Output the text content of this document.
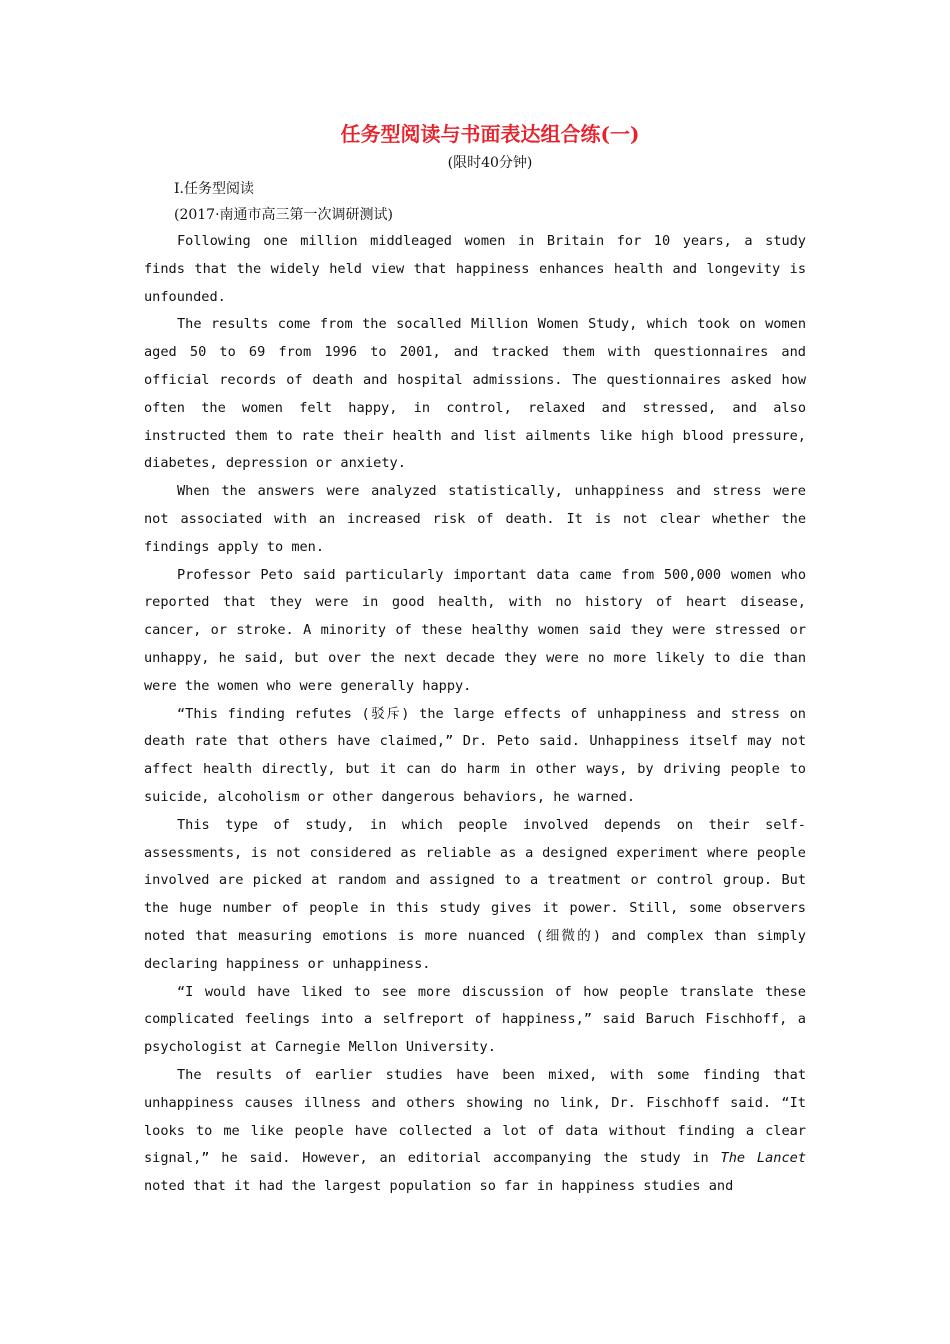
任务型阅读与书面表达组合练(一)

(限时40分钟)

Ⅰ.任务型阅读

(2017·南通市高三第一次调研测试)

Following one million middleaged women in Britain for 10 years, a study finds that the widely held view that happiness enhances health and longevity is unfounded.

The results come from the socalled Million Women Study, which took on women aged 50 to 69 from 1996 to 2001, and tracked them with questionnaires and official records of death and hospital admissions. The questionnaires asked how often the women felt happy, in control, relaxed and stressed, and also instructed them to rate their health and list ailments like high blood pressure, diabetes, depression or anxiety.

When the answers were analyzed statistically, unhappiness and stress were not associated with an increased risk of death. It is not clear whether the findings apply to men.

Professor Peto said particularly important data came from 500,000 women who reported that they were in good health, with no history of heart disease, cancer, or stroke. A minority of these healthy women said they were stressed or unhappy, he said, but over the next decade they were no more likely to die than were the women who were generally happy.

“This finding refutes (驳斥) the large effects of unhappiness and stress on death rate that others have claimed,” Dr. Peto said. Unhappiness itself may not affect health directly, but it can do harm in other ways, by driving people to suicide, alcoholism or other dangerous behaviors, he warned.

This type of study, in which people involved depends on their self-assessments, is not considered as reliable as a designed experiment where people involved are picked at random and assigned to a treatment or control group. But the huge number of people in this study gives it power. Still, some observers noted that measuring emotions is more nuanced (细微的) and complex than simply declaring happiness or unhappiness.

“I would have liked to see more discussion of how people translate these complicated feelings into a selfreport of happiness,” said Baruch Fischhoff, a psychologist at Carnegie Mellon University.

The results of earlier studies have been mixed, with some finding that unhappiness causes illness and others showing no link, Dr. Fischhoff said. “It looks to me like people have collected a lot of data without finding a clear signal,” he said. However, an editorial accompanying the study in The Lancet noted that it had the largest population so far in happiness studies and
